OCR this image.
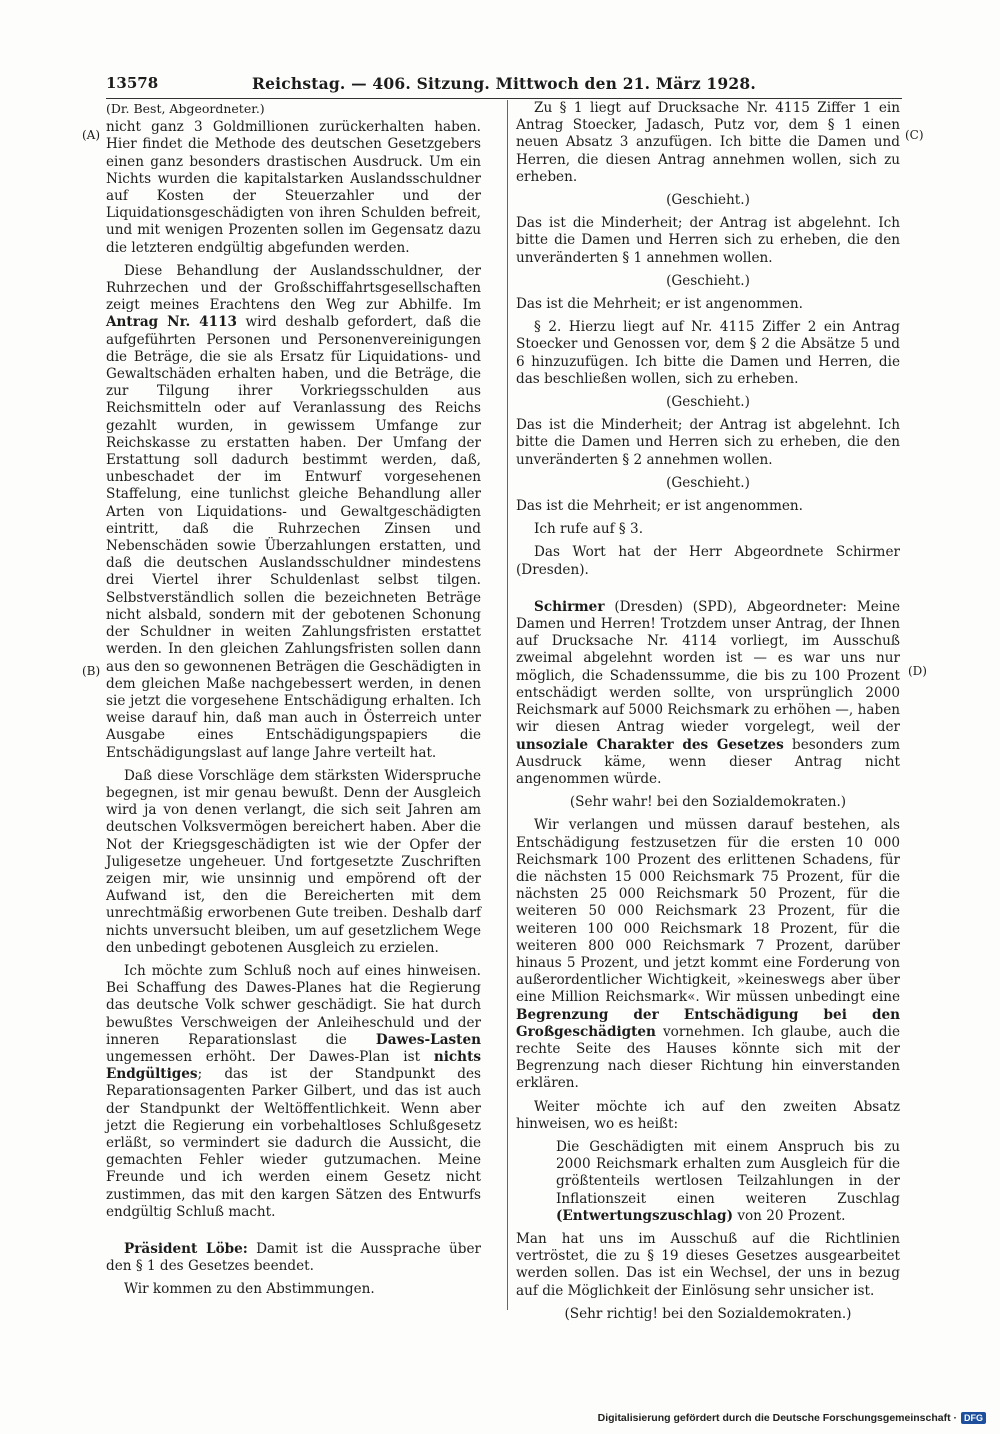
13578	Reichstag. — 406. Sitzung. Mittwoch den 21. März 1928.
(A)
(B)
(C)
(D)

(Dr. Best, Abgeordneter.)

nicht ganz 3 Goldmillionen zurückerhalten haben. Hier findet die Methode des deutschen Gesetzgebers einen ganz besonders drastischen Ausdruck. Um ein Nichts wurden die kapitalstarken Auslandsschuldner auf Kosten der Steuerzahler und der Liquidationsgeschädigten von ihren Schulden befreit, und mit wenigen Prozenten sollen im Gegensatz dazu die letzteren endgültig abgefunden werden.

Diese Behandlung der Auslandsschuldner, der Ruhrzechen und der Großschiffahrtsgesellschaften zeigt meines Erachtens den Weg zur Abhilfe. Im Antrag Nr. 4113 wird deshalb gefordert, daß die aufgeführten Personen und Personenvereinigungen die Beträge, die sie als Ersatz für Liquidations- und Gewaltschäden erhalten haben, und die Beträge, die zur Tilgung ihrer Vorkriegsschulden aus Reichsmitteln oder auf Veranlassung des Reichs gezahlt wurden, in gewissem Umfange zur Reichskasse zu erstatten haben. Der Umfang der Erstattung soll dadurch bestimmt werden, daß, unbeschadet der im Entwurf vorgesehenen Staffelung, eine tunlichst gleiche Behandlung aller Arten von Liquidations- und Gewaltgeschädigten eintritt, daß die Ruhrzechen Zinsen und Nebenschäden sowie Überzahlungen erstatten, und daß die deutschen Auslandsschuldner mindestens drei Viertel ihrer Schuldenlast selbst tilgen. Selbstverständlich sollen die bezeichneten Beträge nicht alsbald, sondern mit der gebotenen Schonung der Schuldner in weiten Zahlungsfristen erstattet werden. In den gleichen Zahlungsfristen sollen dann aus den so gewonnenen Beträgen die Geschädigten in dem gleichen Maße nachgebessert werden, in denen sie jetzt die vorgesehene Entschädigung erhalten. Ich weise darauf hin, daß man auch in Österreich unter Ausgabe eines Entschädigungspapiers die Entschädigungslast auf lange Jahre verteilt hat.

Daß diese Vorschläge dem stärksten Widerspruche begegnen, ist mir genau bewußt. Denn der Ausgleich wird ja von denen verlangt, die sich seit Jahren am deutschen Volksvermögen bereichert haben. Aber die Not der Kriegsgeschädigten ist wie der Opfer der Juligesetze ungeheuer. Und fortgesetzte Zuschriften zeigen mir, wie unsinnig und empörend oft der Aufwand ist, den die Bereicherten mit dem unrechtmäßig erworbenen Gute treiben. Deshalb darf nichts unversucht bleiben, um auf gesetzlichem Wege den unbedingt gebotenen Ausgleich zu erzielen.

Ich möchte zum Schluß noch auf eines hinweisen. Bei Schaffung des Dawes-Planes hat die Regierung das deutsche Volk schwer geschädigt. Sie hat durch bewußtes Verschweigen der Anleiheschuld und der inneren Reparationslast die Dawes-Lasten ungemessen erhöht. Der Dawes-Plan ist nichts Endgültiges; das ist der Standpunkt des Reparationsagenten Parker Gilbert, und das ist auch der Standpunkt der Weltöffentlichkeit. Wenn aber jetzt die Regierung ein vorbehaltloses Schlußgesetz erläßt, so vermindert sie dadurch die Aussicht, die gemachten Fehler wieder gutzumachen. Meine Freunde und ich werden einem Gesetz nicht zustimmen, das mit den kargen Sätzen des Entwurfs endgültig Schluß macht.

Präsident Löbe: Damit ist die Aussprache über den § 1 des Gesetzes beendet.

Wir kommen zu den Abstimmungen.

Zu § 1 liegt auf Drucksache Nr. 4115 Ziffer 1 ein Antrag Stoecker, Jadasch, Putz vor, dem § 1 einen neuen Absatz 3 anzufügen. Ich bitte die Damen und Herren, die diesen Antrag annehmen wollen, sich zu erheben.

(Geschieht.)

Das ist die Minderheit; der Antrag ist abgelehnt. Ich bitte die Damen und Herren sich zu erheben, die den unveränderten § 1 annehmen wollen.

(Geschieht.)

Das ist die Mehrheit; er ist angenommen.

§ 2. Hierzu liegt auf Nr. 4115 Ziffer 2 ein Antrag Stoecker und Genossen vor, dem § 2 die Absätze 5 und 6 hinzuzufügen. Ich bitte die Damen und Herren, die das beschließen wollen, sich zu erheben.

(Geschieht.)

Das ist die Minderheit; der Antrag ist abgelehnt. Ich bitte die Damen und Herren sich zu erheben, die den unveränderten § 2 annehmen wollen.

(Geschieht.)

Das ist die Mehrheit; er ist angenommen.

Ich rufe auf § 3.

Das Wort hat der Herr Abgeordnete Schirmer (Dresden).

Schirmer (Dresden) (SPD), Abgeordneter: Meine Damen und Herren! Trotzdem unser Antrag, der Ihnen auf Drucksache Nr. 4114 vorliegt, im Ausschuß zweimal abgelehnt worden ist — es war uns nur möglich, die Schadenssumme, die bis zu 100 Prozent entschädigt werden sollte, von ursprünglich 2000 Reichsmark auf 5000 Reichsmark zu erhöhen —, haben wir diesen Antrag wieder vorgelegt, weil der unsoziale Charakter des Gesetzes besonders zum Ausdruck käme, wenn dieser Antrag nicht angenommen würde.

(Sehr wahr! bei den Sozialdemokraten.)

Wir verlangen und müssen darauf bestehen, als Entschädigung festzusetzen für die ersten 10 000 Reichsmark 100 Prozent des erlittenen Schadens, für die nächsten 15 000 Reichsmark 75 Prozent, für die nächsten 25 000 Reichsmark 50 Prozent, für die weiteren 50 000 Reichsmark 23 Prozent, für die weiteren 100 000 Reichsmark 18 Prozent, für die weiteren 800 000 Reichsmark 7 Prozent, darüber hinaus 5 Prozent, und jetzt kommt eine Forderung von außerordentlicher Wichtigkeit, »keineswegs aber über eine Million Reichsmark«. Wir müssen unbedingt eine Begrenzung der Entschädigung bei den Großgeschädigten vornehmen. Ich glaube, auch die rechte Seite des Hauses könnte sich mit der Begrenzung nach dieser Richtung hin einverstanden erklären.

Weiter möchte ich auf den zweiten Absatz hinweisen, wo es heißt:

Die Geschädigten mit einem Anspruch bis zu 2000 Reichsmark erhalten zum Ausgleich für die größtenteils wertlosen Teilzahlungen in der Inflationszeit einen weiteren Zuschlag (Entwertungszuschlag) von 20 Prozent.

Man hat uns im Ausschuß auf die Richtlinien vertröstet, die zu § 19 dieses Gesetzes ausgearbeitet werden sollen. Das ist ein Wechsel, der uns in bezug auf die Möglichkeit der Einlösung sehr unsicher ist.

(Sehr richtig! bei den Sozialdemokraten.)

Digitalisierung gefördert durch die Deutsche Forschungsgemeinschaft · DFG
